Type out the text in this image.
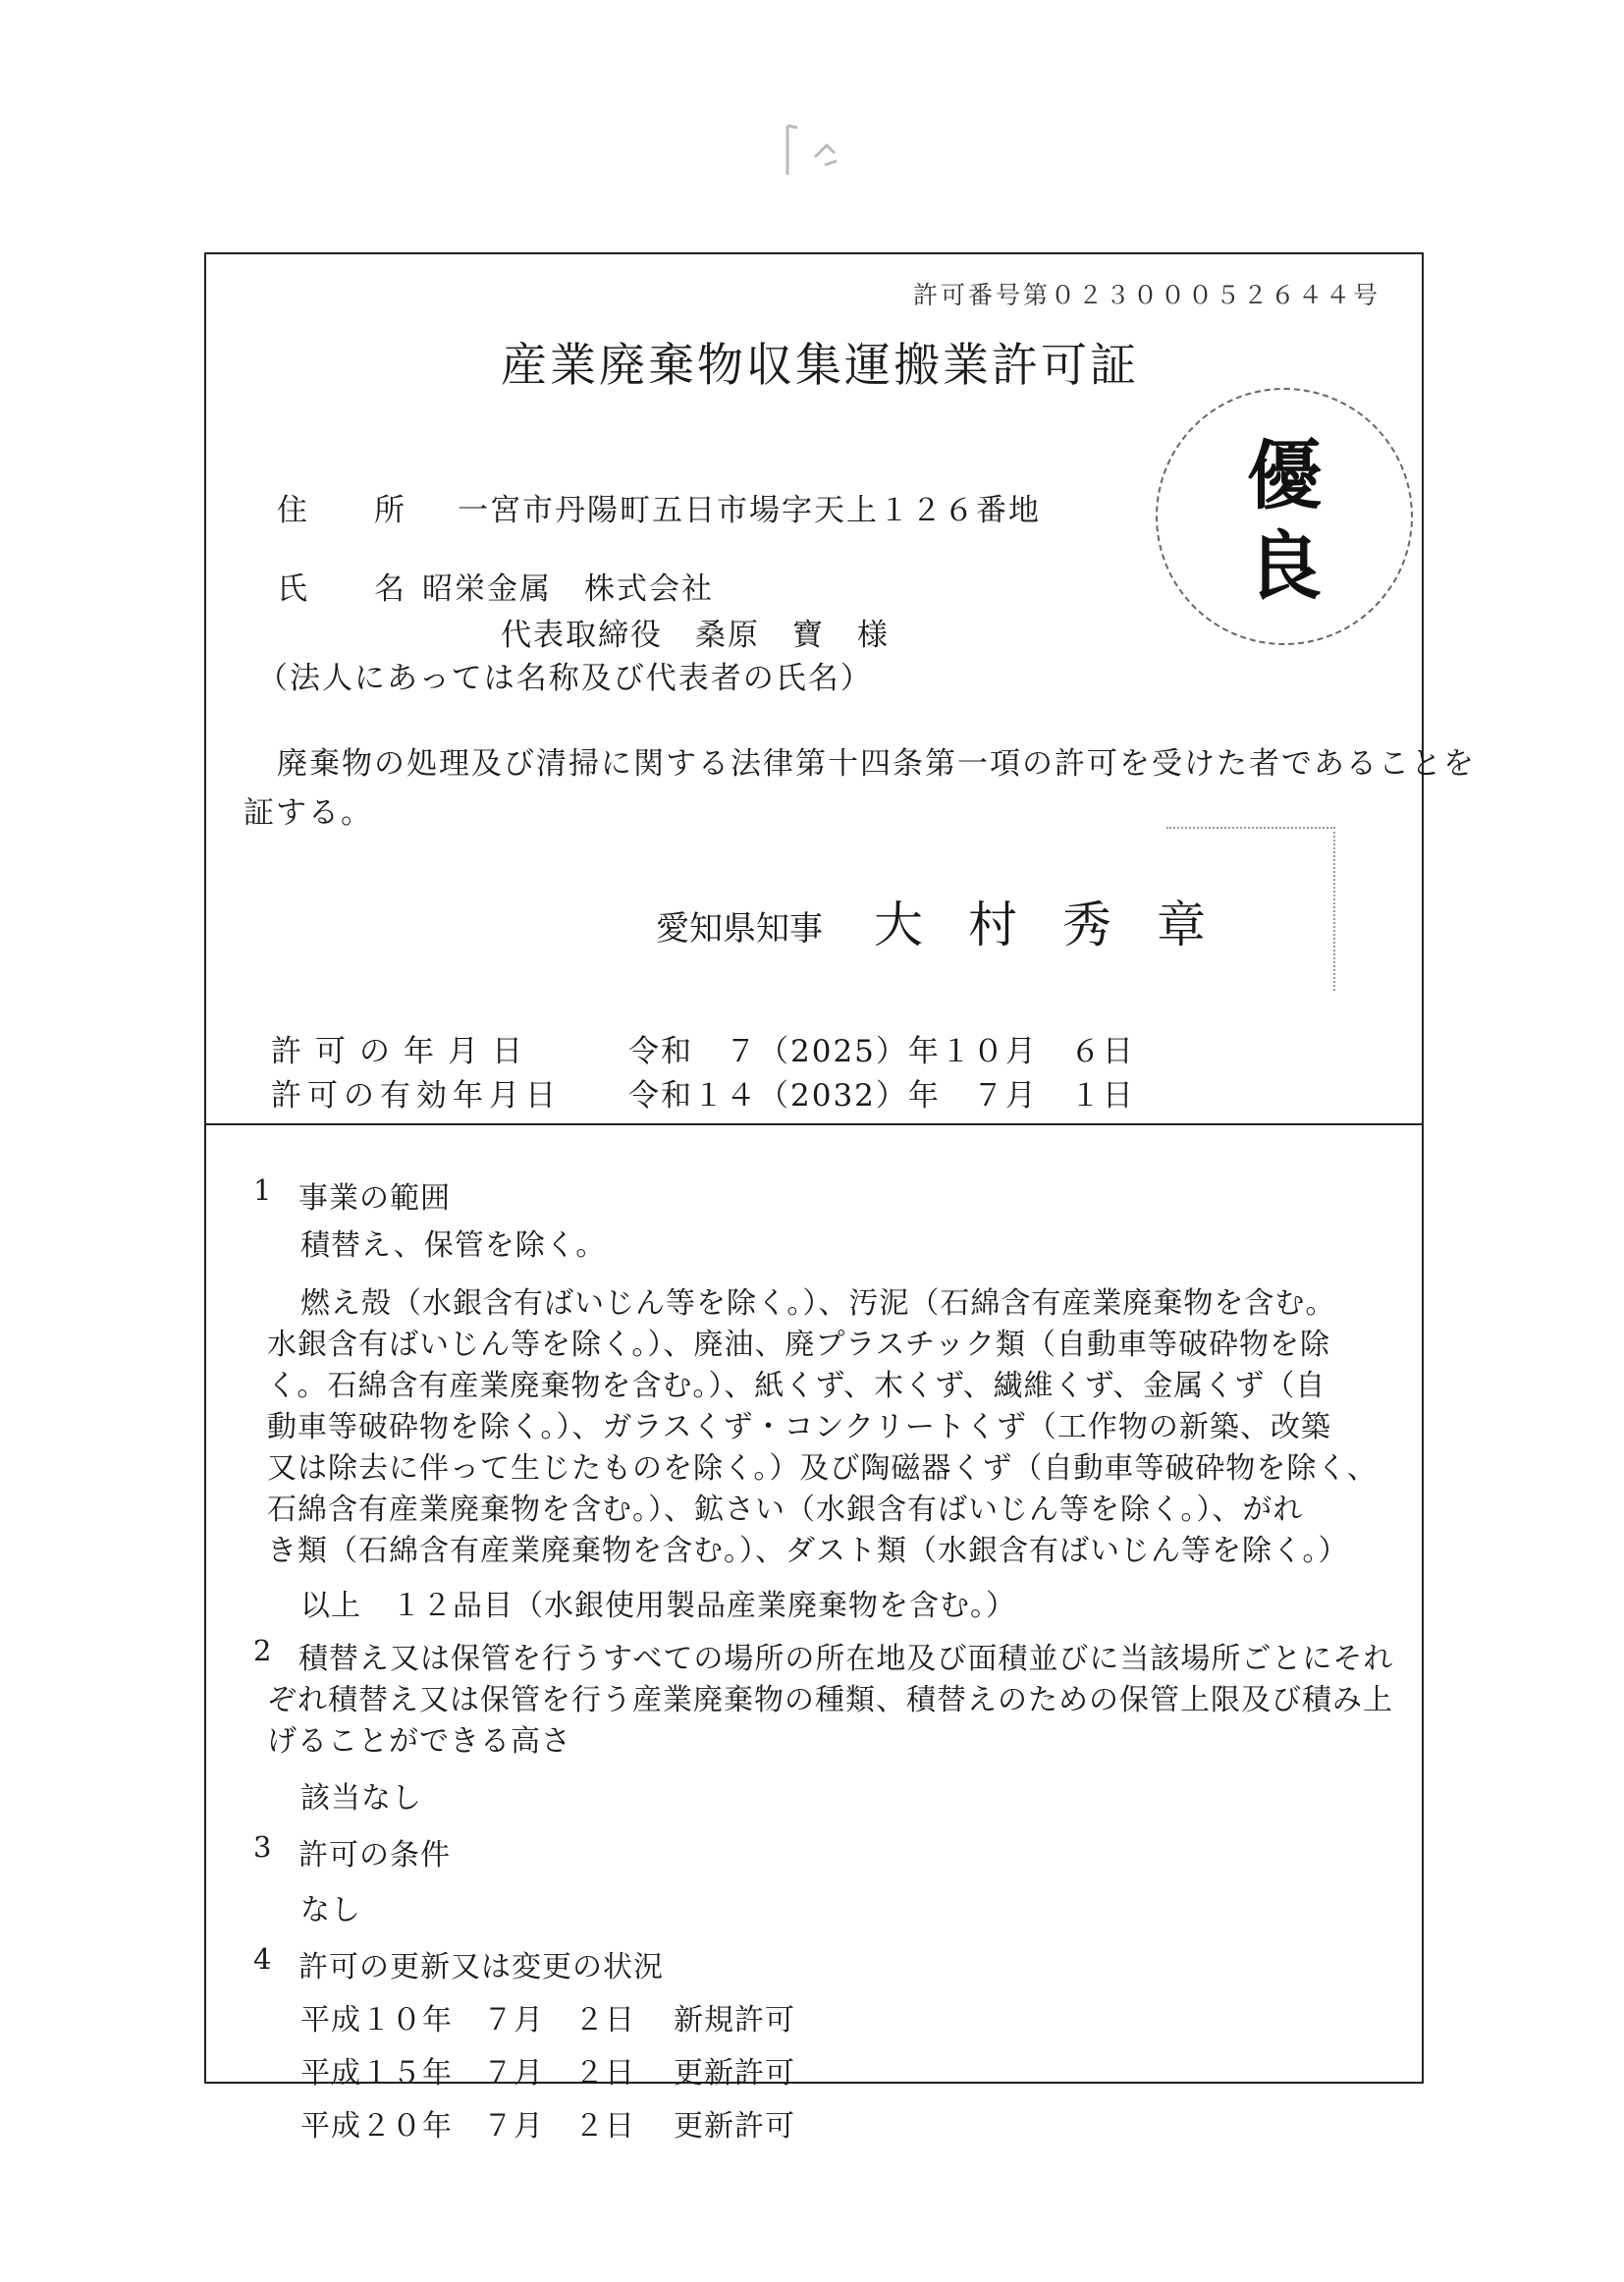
許可番号第０２３０００５２６４４号
産業廃棄物収集運搬業許可証
住　　所 一宮市丹陽町五日市場字天上１２６番地
氏　　名 昭栄金属　株式会社
代表取締役　桑原　寶　様
（法人にあっては名称及び代表者の氏名）
優
良
廃棄物の処理及び清掃に関する法律第十四条第一項の許可を受けた者であることを
証する。
愛知県知事 大村秀章
許可の年月日	令和　７（2025）年１０月　６日
許可の有効年月日 令和１４（2032）年　７月　１日
1 事業の範囲
積替え、保管を除く。
燃え殻（水銀含有ばいじん等を除く。）、汚泥（石綿含有産業廃棄物を含む。
水銀含有ばいじん等を除く。）、廃油、廃プラスチック類（自動車等破砕物を除
く。石綿含有産業廃棄物を含む。）、紙くず、木くず、繊維くず、金属くず（自
動車等破砕物を除く。）、ガラスくず・コンクリートくず（工作物の新築、改築
又は除去に伴って生じたものを除く。）及び陶磁器くず（自動車等破砕物を除く、
石綿含有産業廃棄物を含む。）、鉱さい（水銀含有ばいじん等を除く。）、がれ
き類（石綿含有産業廃棄物を含む。）、ダスト類（水銀含有ばいじん等を除く。）
以上　１２品目（水銀使用製品産業廃棄物を含む。）
2 積替え又は保管を行うすべての場所の所在地及び面積並びに当該場所ごとにそれ
ぞれ積替え又は保管を行う産業廃棄物の種類、積替えのための保管上限及び積み上
げることができる高さ
該当なし
3 許可の条件
なし
4 許可の更新又は変更の状況
平成１０年　７月　２日 新規許可
平成１５年　７月　２日 更新許可
平成２０年　７月　２日 更新許可
